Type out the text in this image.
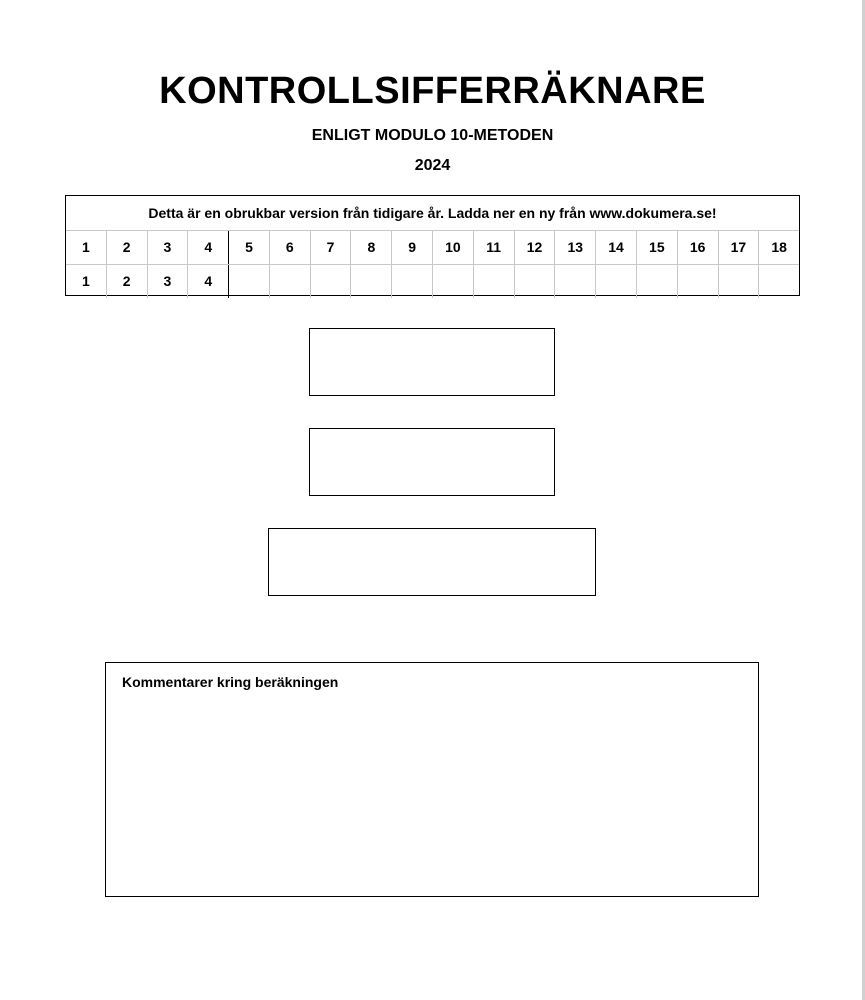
KONTROLLSIFFERRÄKNARE
ENLIGT MODULO 10-METODEN
2024
Detta är en obrukbar version från tidigare år. Ladda ner en ny från www.dokumera.se!
1	2	3	4	5	6	7	8	9	10	11	12	13	14	15	16	17	18
1	2	3	4
Kommentarer kring beräkningen
